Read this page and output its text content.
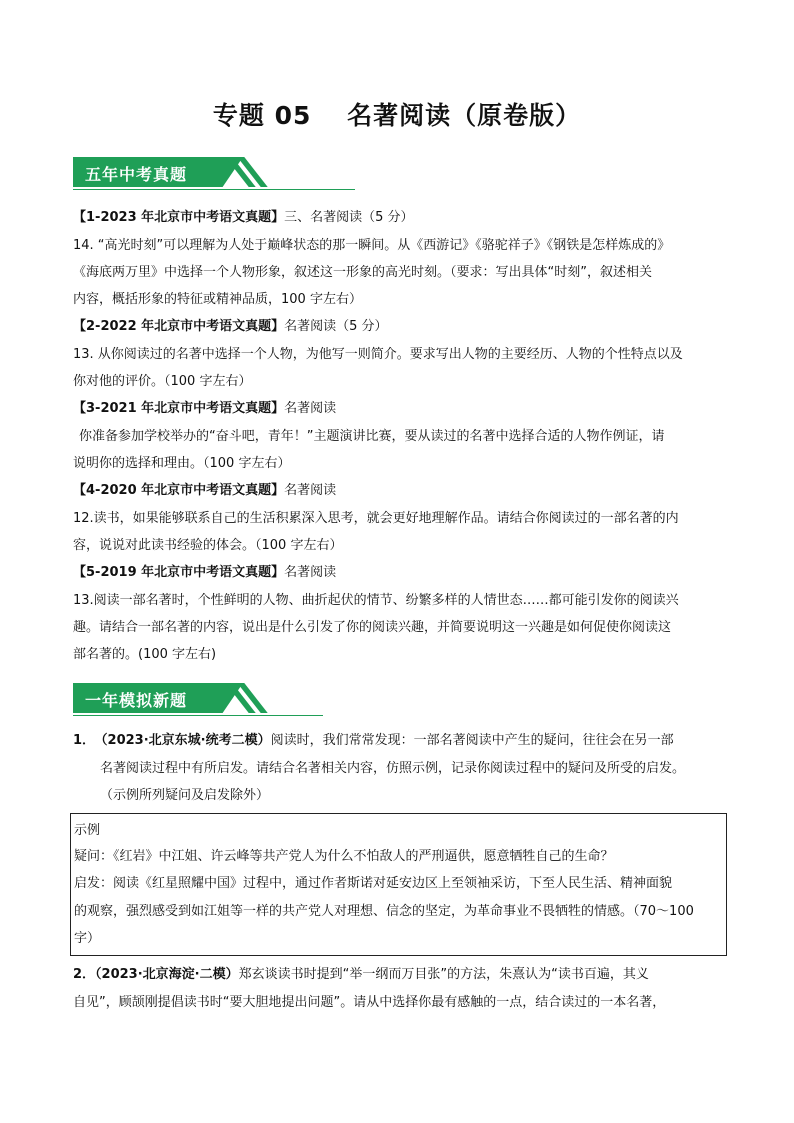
专题 05　 名著阅读（原卷版）
五年中考真题
【1-2023 年北京市中考语文真题】三、名著阅读（5 分）
14. “高光时刻”可以理解为人处于巅峰状态的那一瞬间。从《西游记》《骆驼祥子》《钢铁是怎样炼成的》
《海底两万里》中选择一个人物形象，叙述这一形象的高光时刻。（要求：写出具体“时刻”，叙述相关
内容，概括形象的特征或精神品质，100 字左右）
【2-2022 年北京市中考语文真题】名著阅读（5 分）
13. 从你阅读过的名著中选择一个人物，为他写一则简介。要求写出人物的主要经历、人物的个性特点以及
你对他的评价。（100 字左右）
【3-2021 年北京市中考语文真题】名著阅读
你准备参加学校举办的“奋斗吧，青年！”主题演讲比赛，要从读过的名著中选择合适的人物作例证，请
说明你的选择和理由。（100 字左右）
【4-2020 年北京市中考语文真题】名著阅读
12.读书，如果能够联系自己的生活积累深入思考，就会更好地理解作品。请结合你阅读过的一部名著的内
容，说说对此读书经验的体会。（100 字左右）
【5-2019 年北京市中考语文真题】名著阅读
13.阅读一部名著时，个性鲜明的人物、曲折起伏的情节、纷繁多样的人情世态……都可能引发你的阅读兴
趣。请结合一部名著的内容，说出是什么引发了你的阅读兴趣，并简要说明这一兴趣是如何促使你阅读这
部名著的。(100 字左右)
一年模拟新题
1． （2023·北京东城·统考二模）阅读时，我们常常发现：一部名著阅读中产生的疑问，往往会在另一部
名著阅读过程中有所启发。请结合名著相关内容，仿照示例，记录你阅读过程中的疑问及所受的启发。
（示例所列疑问及启发除外）
示例
疑问：《红岩》中江姐、许云峰等共产党人为什么不怕敌人的严刑逼供，愿意牺牲自己的生命？
启发：阅读《红星照耀中国》过程中，通过作者斯诺对延安边区上至领袖采访，下至人民生活、精神面貌
的观察，强烈感受到如江姐等一样的共产党人对理想、信念的坚定，为革命事业不畏牺牲的情感。（70～100
字）
2．（2023·北京海淀·二模）郑玄谈读书时提到“举一纲而万目张”的方法，朱熹认为“读书百遍，其义
自见”，顾颉刚提倡读书时“要大胆地提出问题”。请从中选择你最有感触的一点，结合读过的一本名著，
